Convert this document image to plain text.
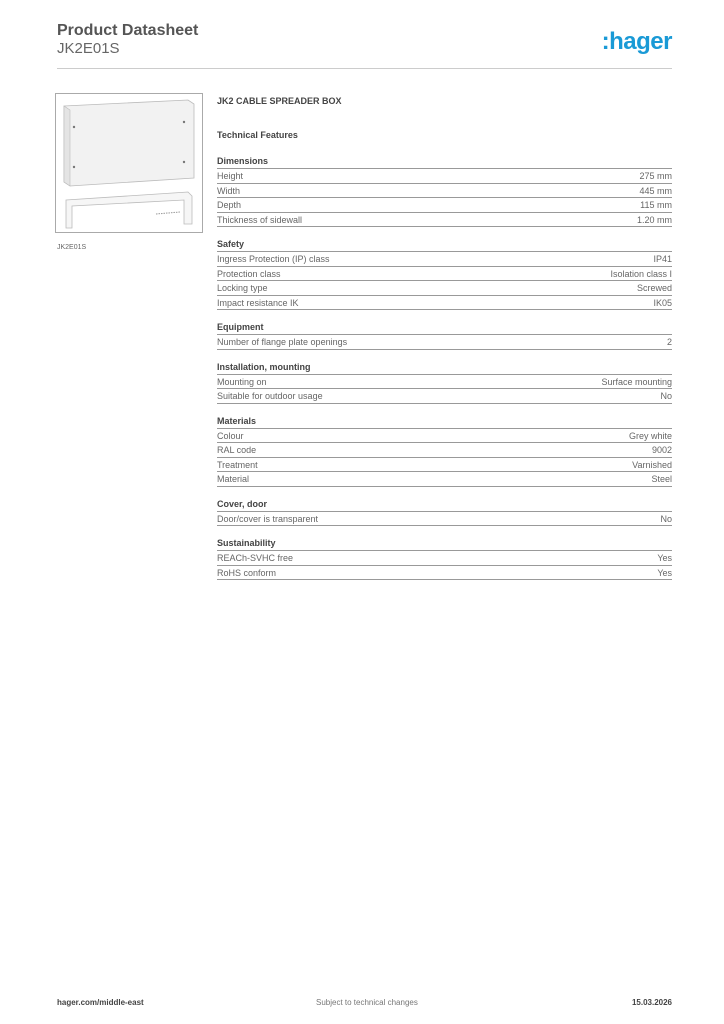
Product Datasheet
JK2E01S	:hager
JK2E01S
JK2 CABLE SPREADER BOX
Technical Features
Dimensions
Height	275 mm
Width	445 mm
Depth	115 mm
Thickness of sidewall	1.20 mm
Safety
Ingress Protection (IP) class	IP41
Protection class	Isolation class I
Locking type	Screwed
Impact resistance IK	IK05
Equipment
Number of flange plate openings	2
Installation, mounting
Mounting on	Surface mounting
Suitable for outdoor usage	No
Materials
Colour	Grey white
RAL code	9002
Treatment	Varnished
Material	Steel
Cover, door
Door/cover is transparent	No
Sustainability
REACh-SVHC free	Yes
RoHS conform	Yes
hager.com/middle-east	Subject to technical changes	15.03.2026
